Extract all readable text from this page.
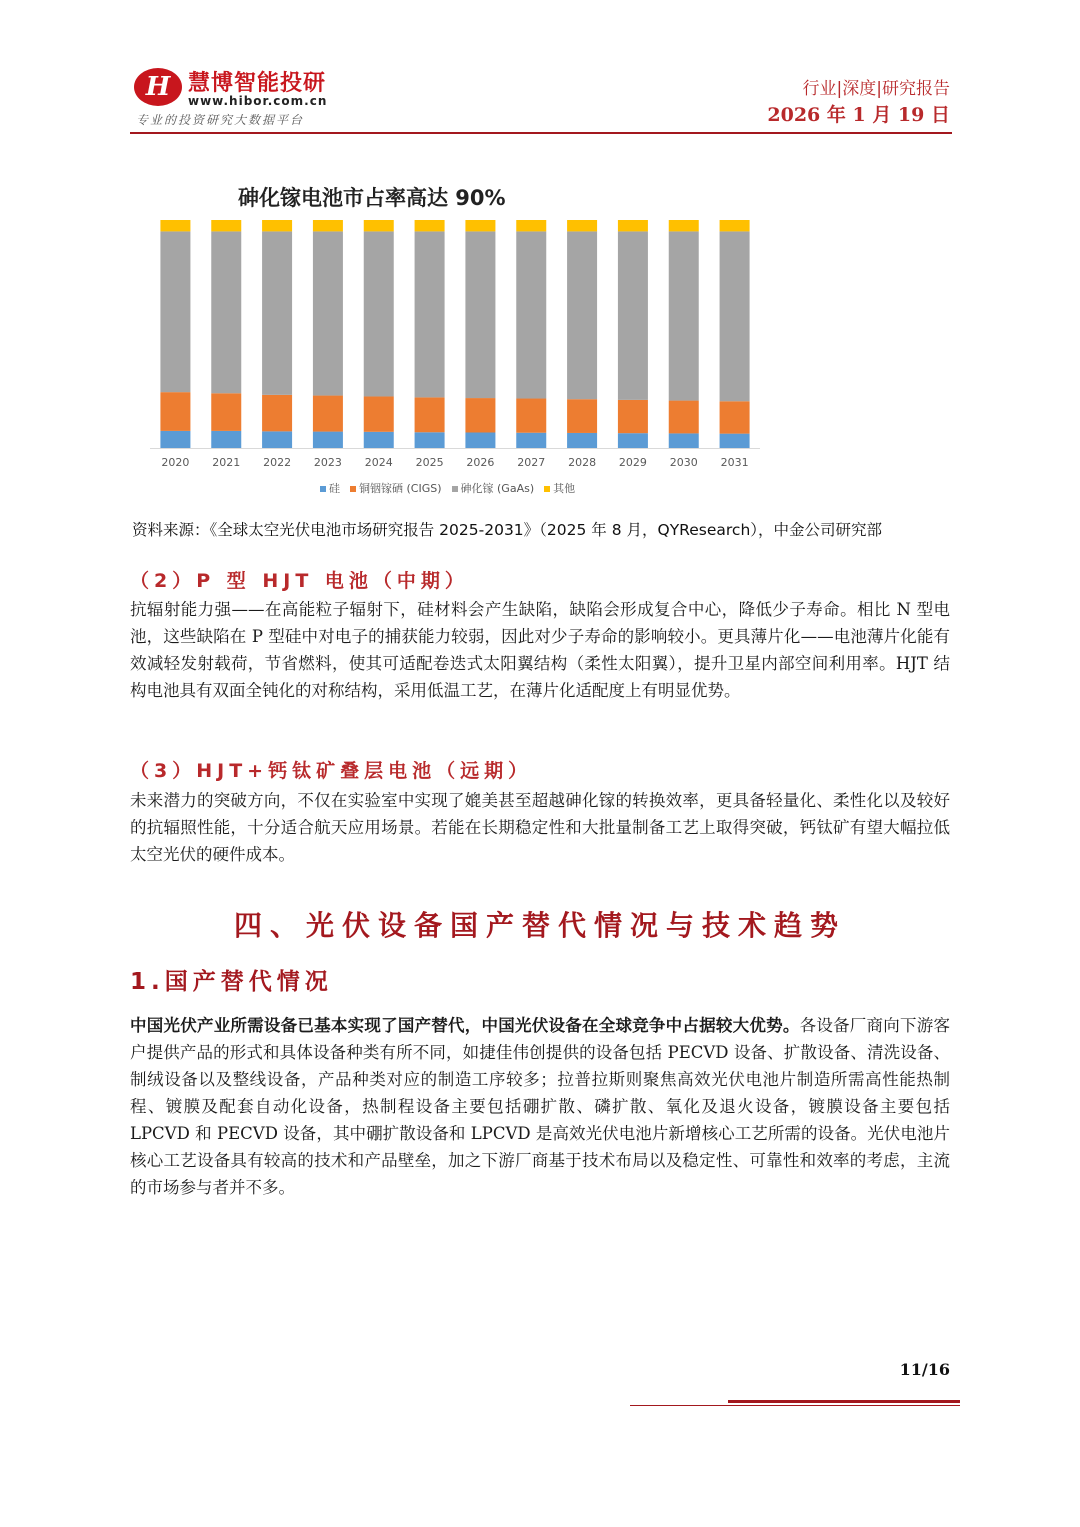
H 慧博智能投研
www.hibor.com.cn
专业的投资研究大数据平台
行业|深度|研究报告
2026 年 1 月 19 日
2020 2021 2022 2023 2024 2025 2026 2027 2028 2029 2030 2031
砷化镓电池市占率高达 90%
硅 铜铟镓硒 (CIGS) 砷化镓 (GaAs) 其他
资料来源：《全球太空光伏电池市场研究报告 2025-2031》（2025 年 8 月，QYResearch），中金公司研究部
（2）P 型 HJT 电池（中期）
抗辐射能力强——在高能粒子辐射下，硅材料会产生缺陷，缺陷会形成复合中心，降低少子寿命。相比 N 型电池，这些缺陷在 P 型硅中对电子的捕获能力较弱，因此对少子寿命的影响较小。更具薄片化——电池薄片化能有效减轻发射载荷，节省燃料，使其可适配卷迭式太阳翼结构（柔性太阳翼），提升卫星内部空间利用率。HJT 结构电池具有双面全钝化的对称结构，采用低温工艺，在薄片化适配度上有明显优势。
（3）HJT+钙钛矿叠层电池（远期）
未来潜力的突破方向，不仅在实验室中实现了媲美甚至超越砷化镓的转换效率，更具备轻量化、柔性化以及较好的抗辐照性能，十分适合航天应用场景。若能在长期稳定性和大批量制备工艺上取得突破，钙钛矿有望大幅拉低太空光伏的硬件成本。
四、光伏设备国产替代情况与技术趋势
1.国产替代情况
中国光伏产业所需设备已基本实现了国产替代，中国光伏设备在全球竞争中占据较大优势。各设备厂商向下游客户提供产品的形式和具体设备种类有所不同，如捷佳伟创提供的设备包括 PECVD 设备、扩散设备、清洗设备、制绒设备以及整线设备，产品种类对应的制造工序较多；拉普拉斯则聚焦高效光伏电池片制造所需高性能热制程、镀膜及配套自动化设备，热制程设备主要包括硼扩散、磷扩散、氧化及退火设备，镀膜设备主要包括 LPCVD 和 PECVD 设备，其中硼扩散设备和 LPCVD 是高效光伏电池片新增核心工艺所需的设备。光伏电池片核心工艺设备具有较高的技术和产品壁垒，加之下游厂商基于技术布局以及稳定性、可靠性和效率的考虑，主流的市场参与者并不多。
11/16
